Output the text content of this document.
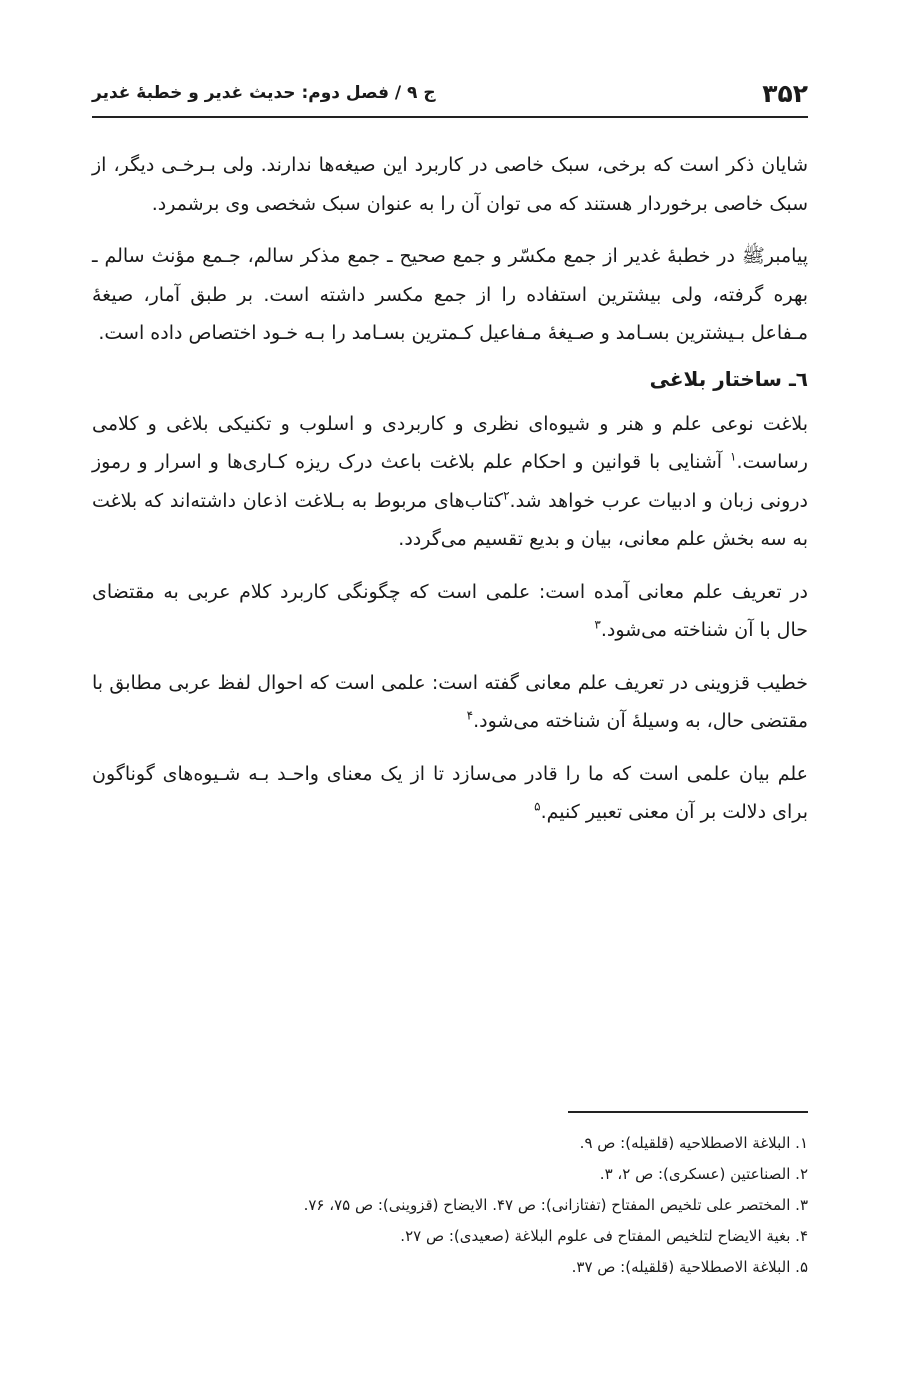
۳۵۲
ج ۹ / فصل دوم: حدیث غدیر و خطبهٔ غدیر

شایان ذکر است که برخی، سبک خاصی در کاربرد این صیغه‌ها ندارند. ولی بـرخـی دیگر، از سبک خاصی برخوردار هستند که می توان آن را به عنوان سبک شخصی وی برشمرد.

پیامبرﷺ در خطبهٔ غدیر از جمع مکسّر و جمع صحیح ـ جمع مذکر سالم، جـمع مؤنث سالم ـ بهره گرفته، ولی بیشترین استفاده را از جمع مکسر داشته است. بر طبق آمار، صیغهٔ مـفاعل بـیشترین بسـامد و صـیغهٔ مـفاعیل کـمترین بسـامد را بـه خـود اختصاص داده است.

٦ـ ساختار بلاغی

بلاغت نوعی علم و هنر و شیوه‌ای نظری و کاربردی و اسلوب و تکنیکی بلاغی و کلامی رساست.$^۱$ آشنایی با قوانین و احکام علم بلاغت باعث درک ریزه کـاری‌ها و اسرار و رموز درونی زبان و ادبیات عرب خواهد شد.$^۲$کتاب‌های مربوط به بـلاغت اذعان داشته‌اند که بلاغت به سه بخش علم معانی، بیان و بدیع تقسیم می‌گردد.

در تعریف علم معانی آمده است: علمی است که چگونگی کاربرد کلام عربی به مقتضای حال با آن شناخته می‌شود.$^۳$

خطیب قزوینی در تعریف علم معانی گفته است: علمی است که احوال لفظ عربی مطابق با مقتضی حال، به وسیلهٔ آن شناخته می‌شود.$^۴$

علم بیان علمی است که ما را قادر می‌سازد تا از یک معنای واحـد بـه شـیوه‌های گوناگون برای دلالت بر آن معنی تعبیر کنیم.$^۵$

۱. البلاغة الاصطلاحیه (قلقیله): ص ۹.
۲. الصناعتین (عسکری): ص ۲، ۳.
۳. المختصر علی تلخیص المفتاح (تفتازانی): ص ۴۷. الایضاح (قزوینی): ص ۷۵، ۷۶.
۴. بغیة الایضاح لتلخیص المفتاح فی علوم البلاغة (صعیدی): ص ۲۷.
۵. البلاغة الاصطلاحیة (قلقیله): ص ۳۷.
